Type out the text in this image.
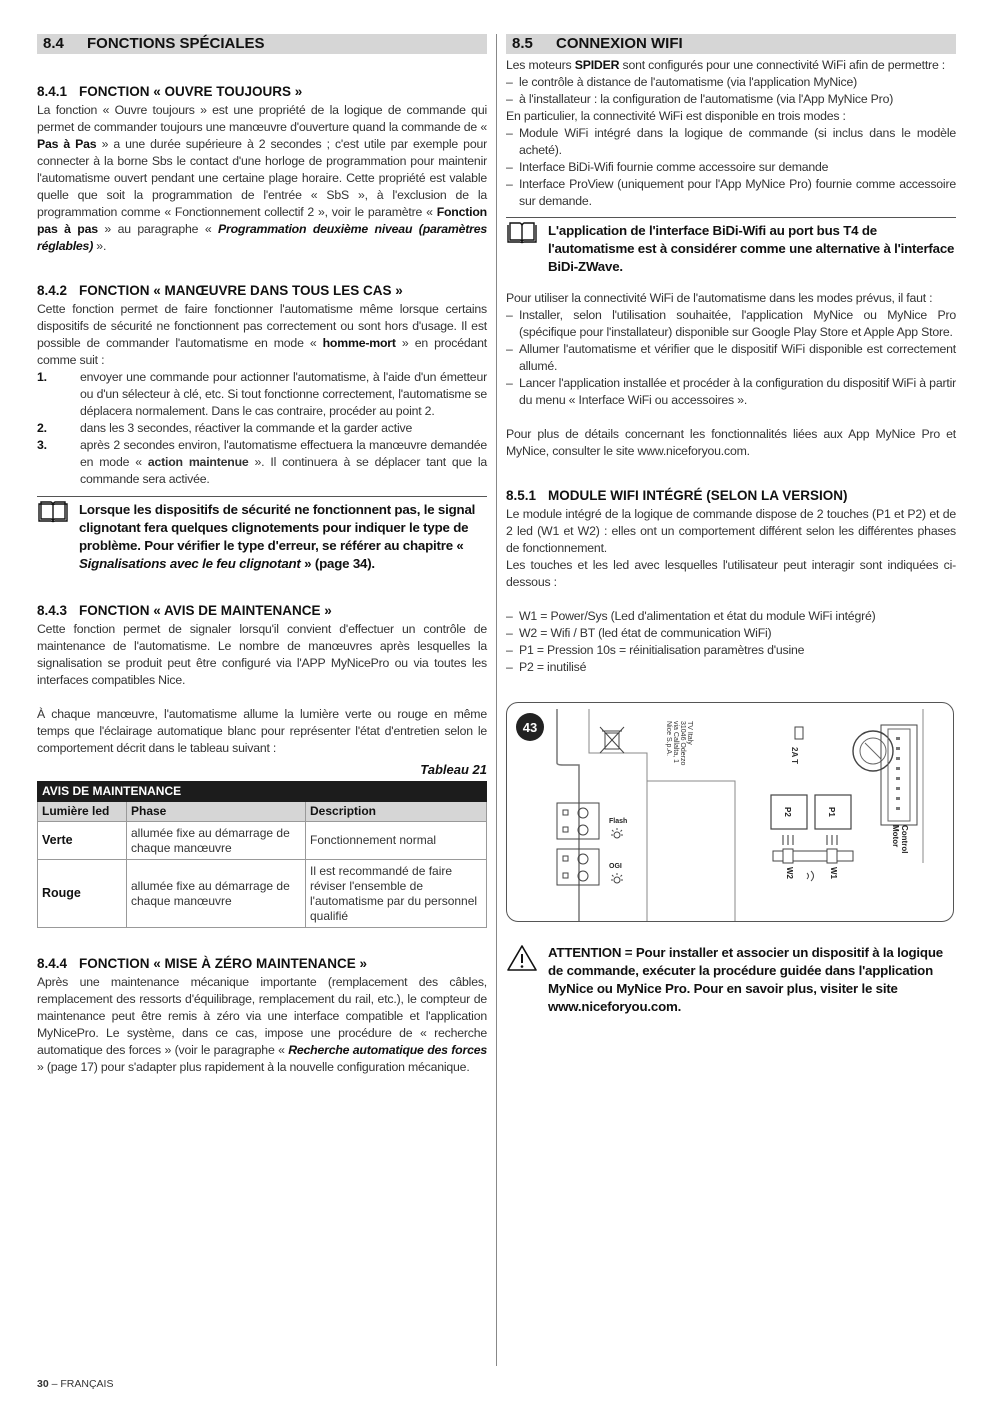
8.4 FONCTIONS SPÉCIALES
8.4.1 FONCTION « OUVRE TOUJOURS »

La fonction « Ouvre toujours » est une propriété de la logique de commande qui permet de commander toujours une manœuvre d'ouverture quand la commande de « Pas à Pas » a une durée supérieure à 2 secondes ; c'est utile par exemple pour connecter à la borne Sbs le contact d'une horloge de programmation pour maintenir l'automatisme ouvert pendant une certaine plage horaire. Cette propriété est valable quelle que soit la programmation de l'entrée « SbS », à l'exclusion de la programmation comme « Fonctionnement collectif 2 », voir le paramètre « Fonction pas à pas » au paragraphe « Programmation deuxième niveau (paramètres réglables) ».

8.4.2 FONCTION « MANŒUVRE DANS TOUS LES CAS »

Cette fonction permet de faire fonctionner l'automatisme même lorsque certains dispositifs de sécurité ne fonctionnent pas correctement ou sont hors d'usage. Il est possible de commander l'automatisme en mode « homme-mort » en procédant comme suit :

1.	envoyer une commande pour actionner l'automatisme, à l'aide d'un émetteur ou d'un sélecteur à clé, etc. Si tout fonctionne correctement, l'automatisme se déplacera normalement. Dans le cas contraire, procéder au point 2.
2.	dans les 3 secondes, réactiver la commande et la garder active
3.	après 2 secondes environ, l'automatisme effectuera la manœuvre demandée en mode « action maintenue ». Il continuera à se déplacer tant que la commande sera activée.
Lorsque les dispositifs de sécurité ne fonctionnent pas, le signal clignotant fera quelques clignotements pour indiquer le type de problème. Pour vérifier le type d'erreur, se référer au chapitre « Signalisations avec le feu clignotant » (page 34).
8.4.3 FONCTION « AVIS DE MAINTENANCE »

Cette fonction permet de signaler lorsqu'il convient d'effectuer un contrôle de maintenance de l'automatisme. Le nombre de manœuvres après lesquelles la signalisation se produit peut être configuré via l'APP MyNicePro ou via toutes les interfaces compatibles Nice.

À chaque manœuvre, l'automatisme allume la lumière verte ou rouge en même temps que l'éclairage automatique blanc pour représenter l'état d'entretien selon le comportement décrit dans le tableau suivant :

Tableau 21
AVIS DE MAINTENANCE		
Lumière led	Phase	Description
Verte	allumée fixe au démarrage de chaque manœuvre	Fonctionnement normal
Rouge	allumée fixe au démarrage de chaque manœuvre	Il est recommandé de faire réviser l'ensemble de l'automatisme par du personnel qualifié
8.4.4 FONCTION « MISE À ZÉRO MAINTENANCE »

Après une maintenance mécanique importante (remplacement des câbles, remplacement des ressorts d'équilibrage, remplacement du rail, etc.), le compteur de maintenance peut être remis à zéro via une interface compatible et l'application MyNicePro. Le système, dans ce cas, impose une procédure de « recherche automatique des forces » (voir le paragraphe « Recherche automatique des forces » (page 17) pour s'adapter plus rapidement à la nouvelle configuration mécanique.

8.5 CONNEXION WIFI

Les moteurs SPIDER sont configurés pour une connectivité WiFi afin de permettre :

– le contrôle à distance de l'automatisme (via l'application MyNice)
– à l'installateur : la configuration de l'automatisme (via l'App MyNice Pro)

En particulier, la connectivité WiFi est disponible en trois modes :

– Module WiFi intégré dans la logique de commande (si inclus dans le modèle acheté).
– Interface BiDi-Wifi fournie comme accessoire sur demande
– Interface ProView (uniquement pour l'App MyNice Pro) fournie comme accessoire sur demande.
L'application de l'interface BiDi-Wifi au port bus T4 de l'automatisme est à considérer comme une alternative à l'interface BiDi-ZWave.

Pour utiliser la connectivité WiFi de l'automatisme dans les modes prévus, il faut :

– Installer, selon l'utilisation souhaitée, l'application MyNice ou MyNice Pro (spécifique pour l'installateur) disponible sur Google Play Store et Apple App Store.
– Allumer l'automatisme et vérifier que le dispositif WiFi disponible est correctement allumé.
– Lancer l'application installée et procéder à la configuration du dispositif WiFi à partir du menu « Interface WiFi ou accessoires ».

Pour plus de détails concernant les fonctionnalités liées aux App MyNice Pro et MyNice, consulter le site www.niceforyou.com.

8.5.1 MODULE WIFI INTÉGRÉ (SELON LA VERSION)

Le module intégré de la logique de commande dispose de 2 touches (P1 et P2) et de 2 led (W1 et W2) : elles ont un comportement différent selon les différentes phases de fonctionnement.

Les touches et les led avec lesquelles l'utilisateur peut interagir sont indiquées ci-dessous :

– W1 = Power/Sys (Led d'alimentation et état du module WiFi intégré)
– W2 = Wifi / BT (led état de communication WiFi)
– P1 = Pression 10s = réinitialisation paramètres d'usine
– P2 = inutilisé
43	Nice S.p.A. via Callalta, 1 31046 Oderzo TV Italy
2A T
Motor Control
P2	P1
W2	W1
Flash
OGI
ATTENTION = Pour installer et associer un dispositif à la logique de commande, exécuter la procédure guidée dans l'application MyNice ou MyNice Pro. Pour en savoir plus, visiter le site www.niceforyou.com.
30 – FRANÇAIS
